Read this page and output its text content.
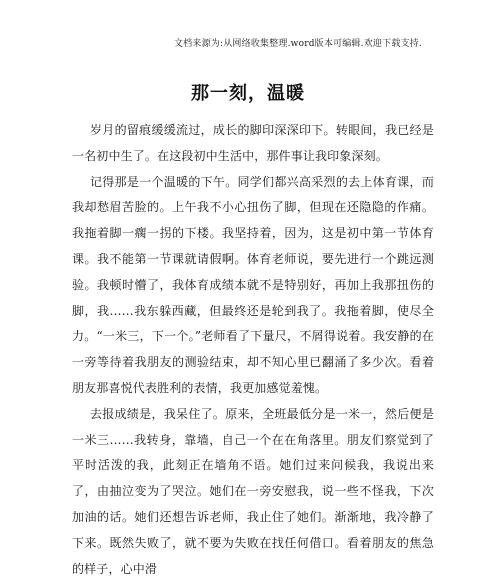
文档来源为:从网络收集整理.word版本可编辑.欢迎下载支持.
那一刻，温暖

岁月的留痕缓缓流过，成长的脚印深深印下。转眼间，我已经是一名初中生了。在这段初中生活中，那件事让我印象深刻。

记得那是一个温暖的下午。同学们都兴高采烈的去上体育课，而我却愁眉苦脸的。上午我不小心扭伤了脚，但现在还隐隐的作痛。我拖着脚一瘸一拐的下楼。我坚持着，因为，这是初中第一节体育课。我不能第一节课就请假啊。体育老师说，要先进行一个跳远测验。我顿时懵了，我体育成绩本就不是特别好，再加上我那扭伤的脚，我……我东躲西藏，但最终还是轮到我了。我拖着脚，使尽全力。“一米三，下一个。”老师看了下量尺，不屑得说着。我安静的在一旁等待着我朋友的测验结束，却不知心里已翻涌了多少次。看着朋友那喜悦代表胜利的表情，我更加感觉羞愧。

去报成绩是，我呆住了。原来，全班最低分是一米一，然后便是一米三……我转身，靠墙，自己一个在在角落里。朋友们察觉到了平时活泼的我，此刻正在墙角不语。她们过来问候我，我说出来了，由抽泣变为了哭泣。她们在一旁安慰我，说一些不怪我，下次加油的话。她们还想告诉老师，我止住了她们。渐渐地，我冷静了下来。既然失败了，就不要为失败在找任何借口。看着朋友的焦急的样子，心中滑
